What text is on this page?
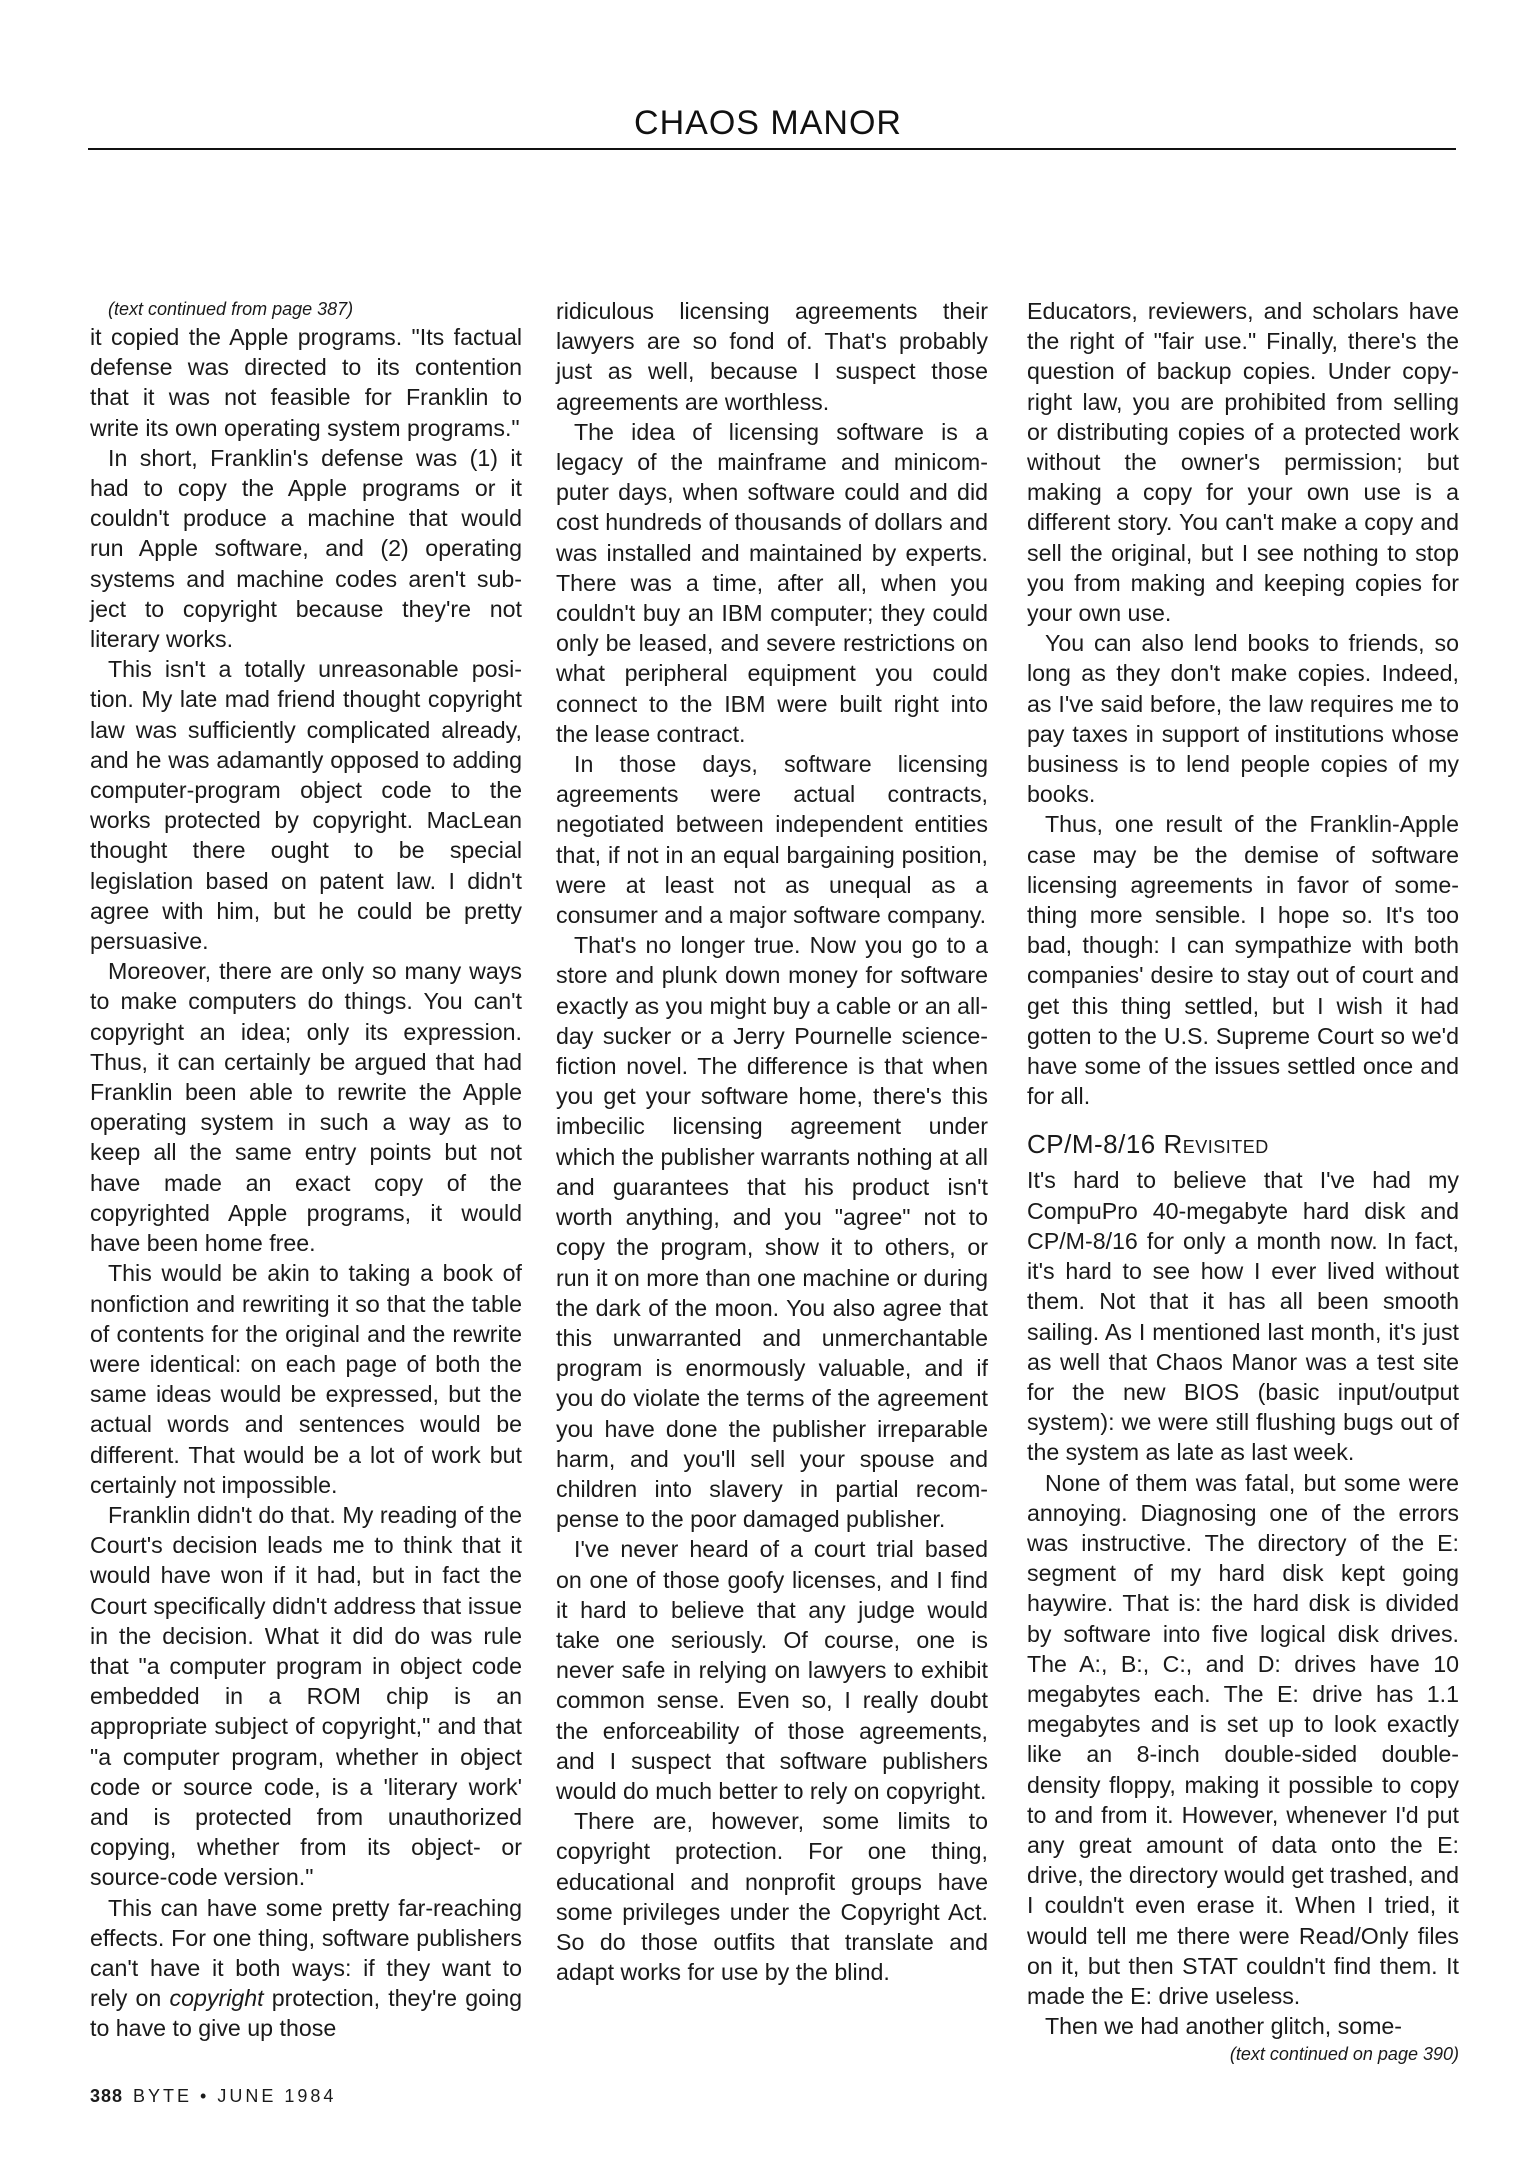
CHAOS MANOR

(text continued from page 387)

it copied the Apple programs. "Its factual defense was directed to its contention that it was not feasible for Franklin to write its own operating system programs."

In short, Franklin's defense was (1) it had to copy the Apple programs or it couldn't produce a machine that would run Apple software, and (2) operating systems and machine codes aren't subject to copyright because they're not literary works.

This isn't a totally unreasonable position. My late mad friend thought copyright law was sufficiently complicated already, and he was adamantly opposed to adding computer-program object code to the works protected by copyright. MacLean thought there ought to be special legislation based on patent law. I didn't agree with him, but he could be pretty persuasive.

Moreover, there are only so many ways to make computers do things. You can't copyright an idea; only its expression. Thus, it can certainly be argued that had Franklin been able to rewrite the Apple operating system in such a way as to keep all the same entry points but not have made an exact copy of the copyrighted Apple programs, it would have been home free.

This would be akin to taking a book of nonfiction and rewriting it so that the table of contents for the original and the rewrite were identical: on each page of both the same ideas would be expressed, but the actual words and sentences would be different. That would be a lot of work but certainly not impossible.

Franklin didn't do that. My reading of the Court's decision leads me to think that it would have won if it had, but in fact the Court specifically didn't address that issue in the decision. What it did do was rule that "a computer program in object code embedded in a ROM chip is an appropriate subject of copyright," and that "a computer program, whether in object code or source code, is a 'literary work' and is protected from unauthorized copying, whether from its object- or source-code version."

This can have some pretty far-reaching effects. For one thing, software publishers can't have it both ways: if they want to rely on copyright protection, they're going to have to give up those

ridiculous licensing agreements their lawyers are so fond of. That's probably just as well, because I suspect those agreements are worthless.

The idea of licensing software is a legacy of the mainframe and minicomputer days, when software could and did cost hundreds of thousands of dollars and was installed and maintained by experts. There was a time, after all, when you couldn't buy an IBM computer; they could only be leased, and severe restrictions on what peripheral equipment you could connect to the IBM were built right into the lease contract.

In those days, software licensing agreements were actual contracts, negotiated between independent entities that, if not in an equal bargaining position, were at least not as unequal as a consumer and a major software company.

That's no longer true. Now you go to a store and plunk down money for software exactly as you might buy a cable or an all-day sucker or a Jerry Pournelle science-fiction novel. The difference is that when you get your software home, there's this imbecilic licensing agreement under which the publisher warrants nothing at all and guarantees that his product isn't worth anything, and you "agree" not to copy the program, show it to others, or run it on more than one machine or during the dark of the moon. You also agree that this unwarranted and unmerchantable program is enormously valuable, and if you do violate the terms of the agreement you have done the publisher irreparable harm, and you'll sell your spouse and children into slavery in partial recompense to the poor damaged publisher.

I've never heard of a court trial based on one of those goofy licenses, and I find it hard to believe that any judge would take one seriously. Of course, one is never safe in relying on lawyers to exhibit common sense. Even so, I really doubt the enforceability of those agreements, and I suspect that software publishers would do much better to rely on copyright.

There are, however, some limits to copyright protection. For one thing, educational and nonprofit groups have some privileges under the Copyright Act. So do those outfits that translate and adapt works for use by the blind.

Educators, reviewers, and scholars have the right of "fair use." Finally, there's the question of backup copies. Under copyright law, you are prohibited from selling or distributing copies of a protected work without the owner's permission; but making a copy for your own use is a different story. You can't make a copy and sell the original, but I see nothing to stop you from making and keeping copies for your own use.

You can also lend books to friends, so long as they don't make copies. Indeed, as I've said before, the law requires me to pay taxes in support of institutions whose business is to lend people copies of my books.

Thus, one result of the Franklin-Apple case may be the demise of software licensing agreements in favor of something more sensible. I hope so. It's too bad, though: I can sympathize with both companies' desire to stay out of court and get this thing settled, but I wish it had gotten to the U.S. Supreme Court so we'd have some of the issues settled once and for all.

CP/M-8/16 Revisited

It's hard to believe that I've had my CompuPro 40-megabyte hard disk and CP/M-8/16 for only a month now. In fact, it's hard to see how I ever lived without them. Not that it has all been smooth sailing. As I mentioned last month, it's just as well that Chaos Manor was a test site for the new BIOS (basic input/output system): we were still flushing bugs out of the system as late as last week.

None of them was fatal, but some were annoying. Diagnosing one of the errors was instructive. The directory of the E: segment of my hard disk kept going haywire. That is: the hard disk is divided by software into five logical disk drives. The A:, B:, C:, and D: drives have 10 megabytes each. The E: drive has 1.1 megabytes and is set up to look exactly like an 8-inch double-sided double-density floppy, making it possible to copy to and from it. However, whenever I'd put any great amount of data onto the E: drive, the directory would get trashed, and I couldn't even erase it. When I tried, it would tell me there were Read/Only files on it, but then STAT couldn't find them. It made the E: drive useless.

Then we had another glitch, some-

(text continued on page 390)

388 BYTE • JUNE 1984
